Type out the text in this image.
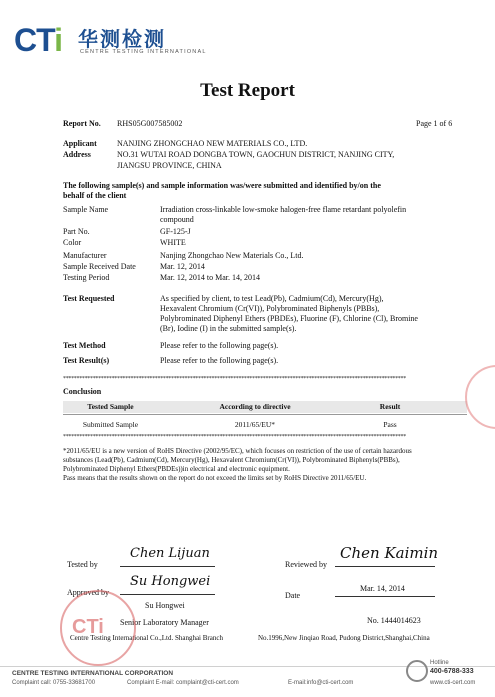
CTi 华测检测
CENTRE TESTING INTERNATIONAL
Test Report
Report No. RHS05G007585002	Page 1 of 6
Applicant	NANJING ZHONGCHAO NEW MATERIALS CO., LTD.
Address	NO.31 WUTAI ROAD DONGBA TOWN, GAOCHUN DISTRICT, NANJING CITY,
JIANGSU PROVINCE, CHINA
The following sample(s) and sample information was/were submitted and identified by/on the
behalf of the client
Sample Name	Irradiation cross-linkable low-smoke halogen-free flame retardant polyolefin
compound
Part No.	GF-125-J
Color	WHITE
Manufacturer	Nanjing Zhongchao New Materials Co., Ltd.
Sample Received Date	Mar. 12, 2014
Testing Period	Mar. 12, 2014 to Mar. 14, 2014
Test Requested	As specified by client, to test Lead(Pb), Cadmium(Cd), Mercury(Hg),
Hexavalent Chromium (Cr(VI)), Polybrominated Biphenyls (PBBs),
Polybrominated Diphenyl Ethers (PBDEs), Fluorine (F), Chlorine (Cl), Bromine
(Br), Iodine (I) in the submitted sample(s).
Test Method	Please refer to the following page(s).
Test Result(s)	Please refer to the following page(s).
*******************************************************************************************************************************
Conclusion
Tested Sample	According to directive	Result
Submitted Sample	2011/65/EU*	Pass
*******************************************************************************************************************************
*2011/65/EU is a new version of RoHS Directive (2002/95/EC), which focuses on restriction of the use of certain hazardous
substances (Lead(Pb), Cadmium(Cd), Mercury(Hg), Hexavalent Chromium(Cr(VI)), Polybrominated Biphenyls(PBBs),
Polybrominated Diphenyl Ethers(PBDEs))in electrical and electronic equipment.
Pass means that the results shown on the report do not exceed the limits set by RoHS Directive 2011/65/EU.
Tested by
Chen Lijuan
Approved by
Su Hongwei
Su Hongwei
Senior Laboratory Manager
Centre Testing International Co.,Ltd. Shanghai Branch
Reviewed by
Chen Kaimin
Date
Mar. 14, 2014
No. 1444014623
No.1996,New Jinqiao Road, Pudong District,Shanghai,China
CTi
CENTRE TESTING INTERNATIONAL CORPORATION
Complaint call: 0755-33681700	Complaint E-mail: complaint@cti-cert.com	E-mail:info@cti-cert.com
Hotline
400-6788-333
www.cti-cert.com
